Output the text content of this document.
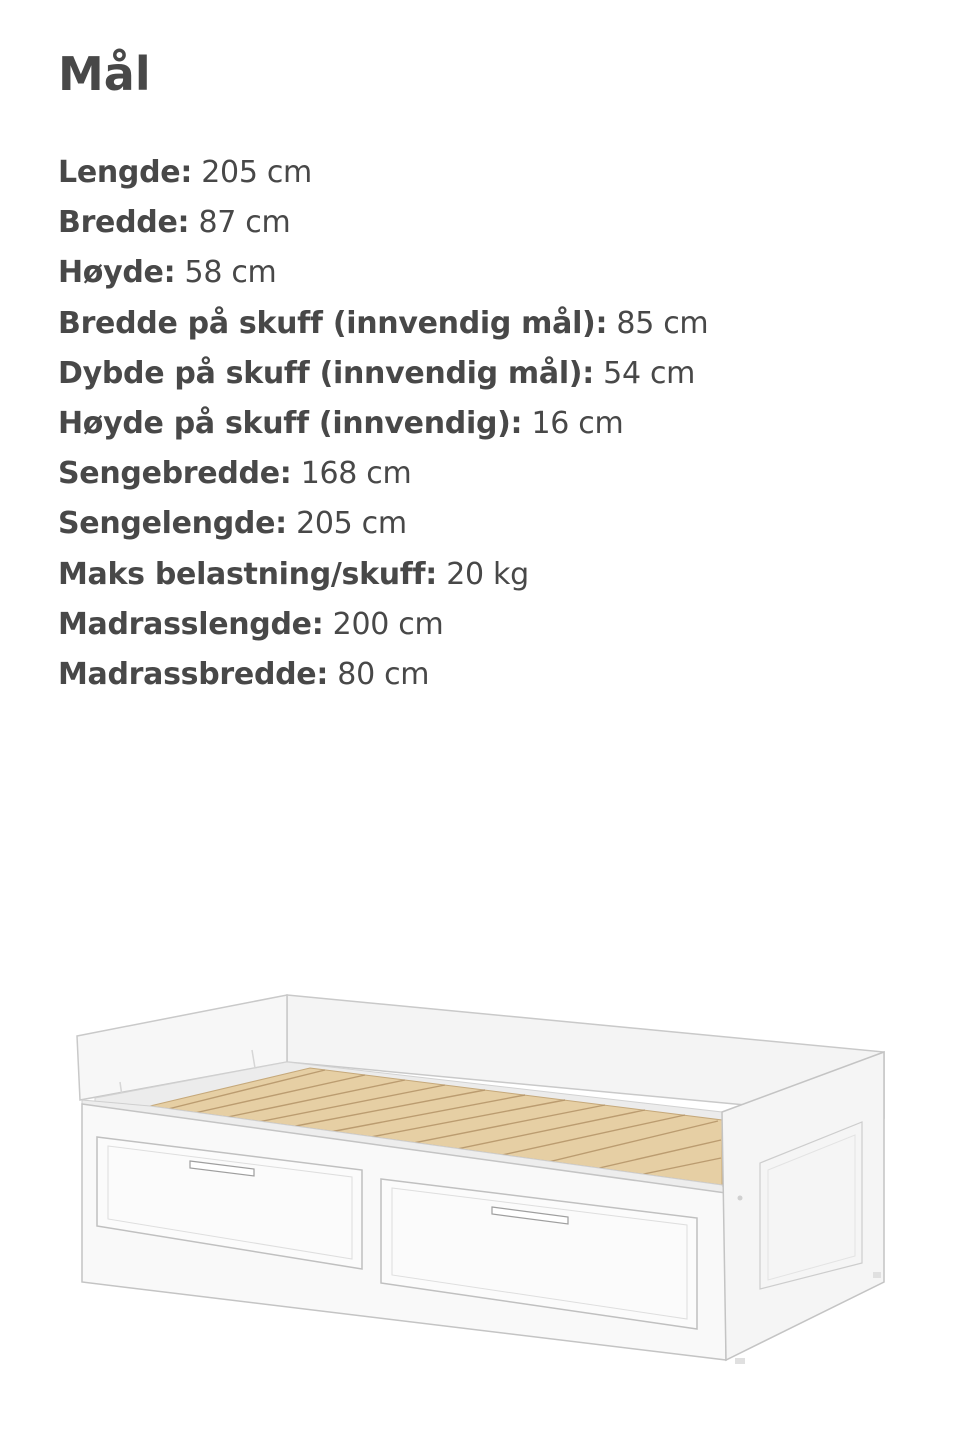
Mål
Lengde: 205 cm
Bredde: 87 cm
Høyde: 58 cm
Bredde på skuff (innvendig mål): 85 cm
Dybde på skuff (innvendig mål): 54 cm
Høyde på skuff (innvendig): 16 cm
Sengebredde: 168 cm
Sengelengde: 205 cm
Maks belastning/skuff: 20 kg
Madrasslengde: 200 cm
Madrassbredde: 80 cm
